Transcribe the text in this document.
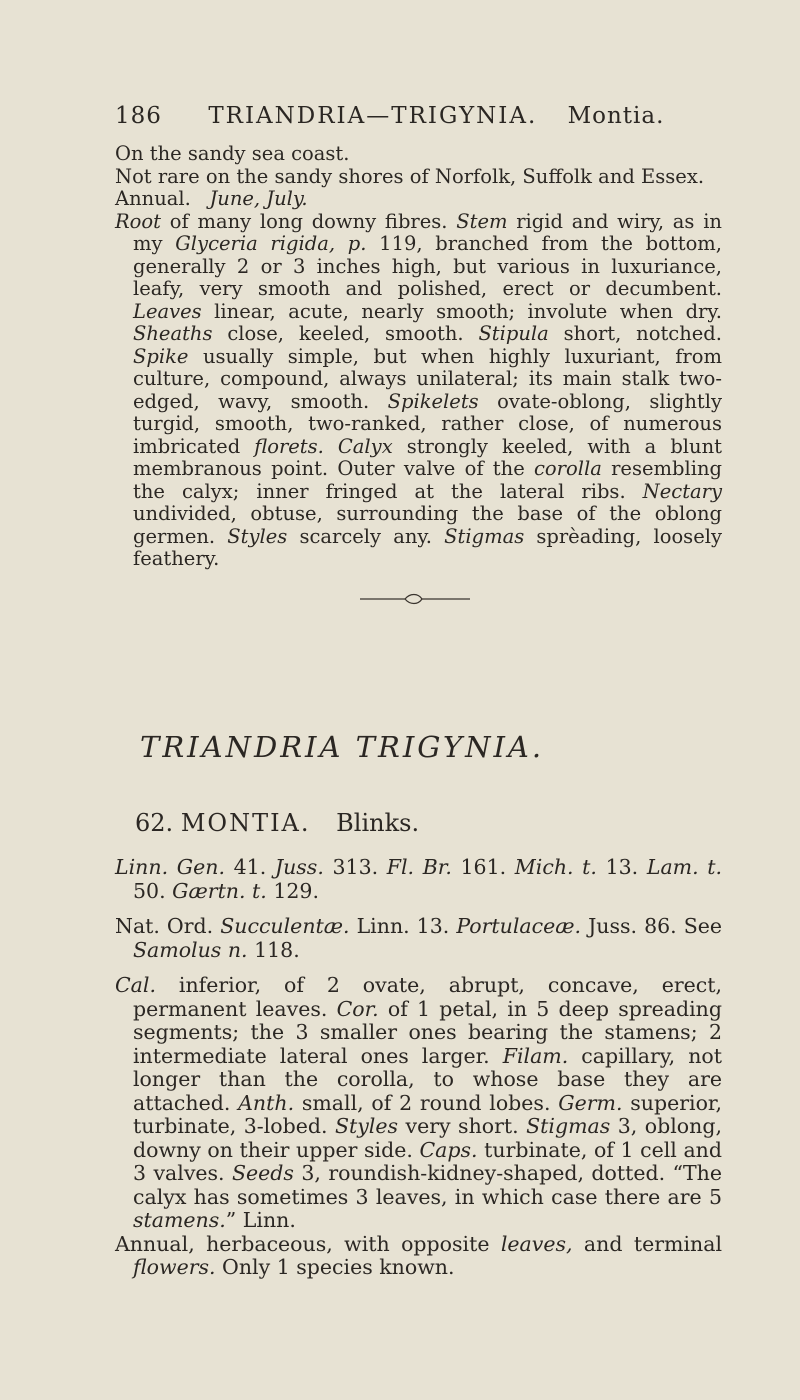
186 TRIANDRIA—TRIGYNIA. Montia.

On the sandy sea coast.

Not rare on the sandy shores of Norfolk, Suffolk and Essex.

Annual. June, July.

Root of many long downy fibres. Stem rigid and wiry, as in my Glyceria rigida, p. 119, branched from the bottom, generally 2 or 3 inches high, but various in luxuriance, leafy, very smooth and polished, erect or decumbent. Leaves linear, acute, nearly smooth; involute when dry. Sheaths close, keeled, smooth. Stipula short, notched. Spike usually simple, but when highly luxuriant, from culture, compound, always unilateral; its main stalk two-edged, wavy, smooth. Spikelets ovate-oblong, slightly turgid, smooth, two-ranked, rather close, of numerous imbricated florets. Calyx strongly keeled, with a blunt membranous point. Outer valve of the corolla resembling the calyx; inner fringed at the lateral ribs. Nectary undivided, obtuse, surrounding the base of the oblong germen. Styles scarcely any. Stigmas sprèading, loosely feathery.

TRIANDRIA TRIGYNIA.
62. MONTIA. Blinks.

Linn. Gen. 41. Juss. 313. Fl. Br. 161. Mich. t. 13. Lam. t. 50. Gærtn. t. 129.

Nat. Ord. Succulentæ. Linn. 13. Portulaceæ. Juss. 86. See Samolus n. 118.

Cal. inferior, of 2 ovate, abrupt, concave, erect, permanent leaves. Cor. of 1 petal, in 5 deep spreading segments; the 3 smaller ones bearing the stamens; 2 intermediate lateral ones larger. Filam. capillary, not longer than the corolla, to whose base they are attached. Anth. small, of 2 round lobes. Germ. superior, turbinate, 3-lobed. Styles very short. Stigmas 3, oblong, downy on their upper side. Caps. turbinate, of 1 cell and 3 valves. Seeds 3, roundish-kidney-shaped, dotted. “The calyx has sometimes 3 leaves, in which case there are 5 stamens.” Linn.

Annual, herbaceous, with opposite leaves, and terminal flowers. Only 1 species known.
